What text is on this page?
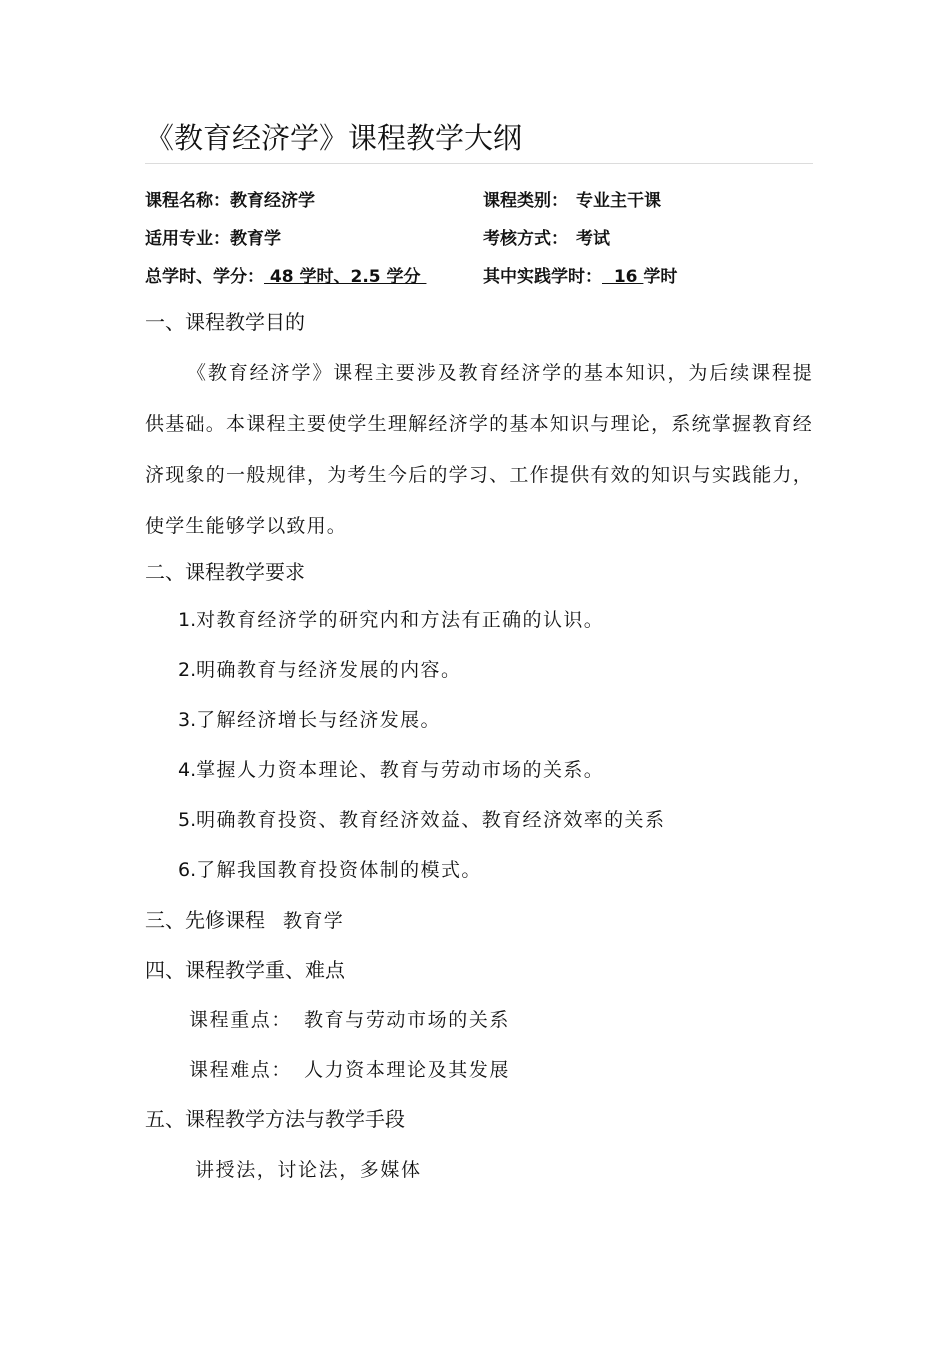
《教育经济学》课程教学大纲
课程名称：教育经济学	课程类别： 专业主干课
适用专业：教育学	考核方式： 考试
总学时、学分： 48 学时、2.5 学分	其中实践学时：  16 学时
一、课程教学目的
《教育经济学》课程主要涉及教育经济学的基本知识，为后续课程提供基础。本课程主要使学生理解经济学的基本知识与理论，系统掌握教育经济现象的一般规律，为考生今后的学习、工作提供有效的知识与实践能力，使学生能够学以致用。
二、课程教学要求
1.对教育经济学的研究内和方法有正确的认识。
2.明确教育与经济发展的内容。
3.了解经济增长与经济发展。
4.掌握人力资本理论、教育与劳动市场的关系。
5.明确教育投资、教育经济效益、教育经济效率的关系
6.了解我国教育投资体制的模式。
三、先修课程 教育学
四、课程教学重、难点
课程重点： 教育与劳动市场的关系
课程难点： 人力资本理论及其发展
五、课程教学方法与教学手段
讲授法，讨论法，多媒体
